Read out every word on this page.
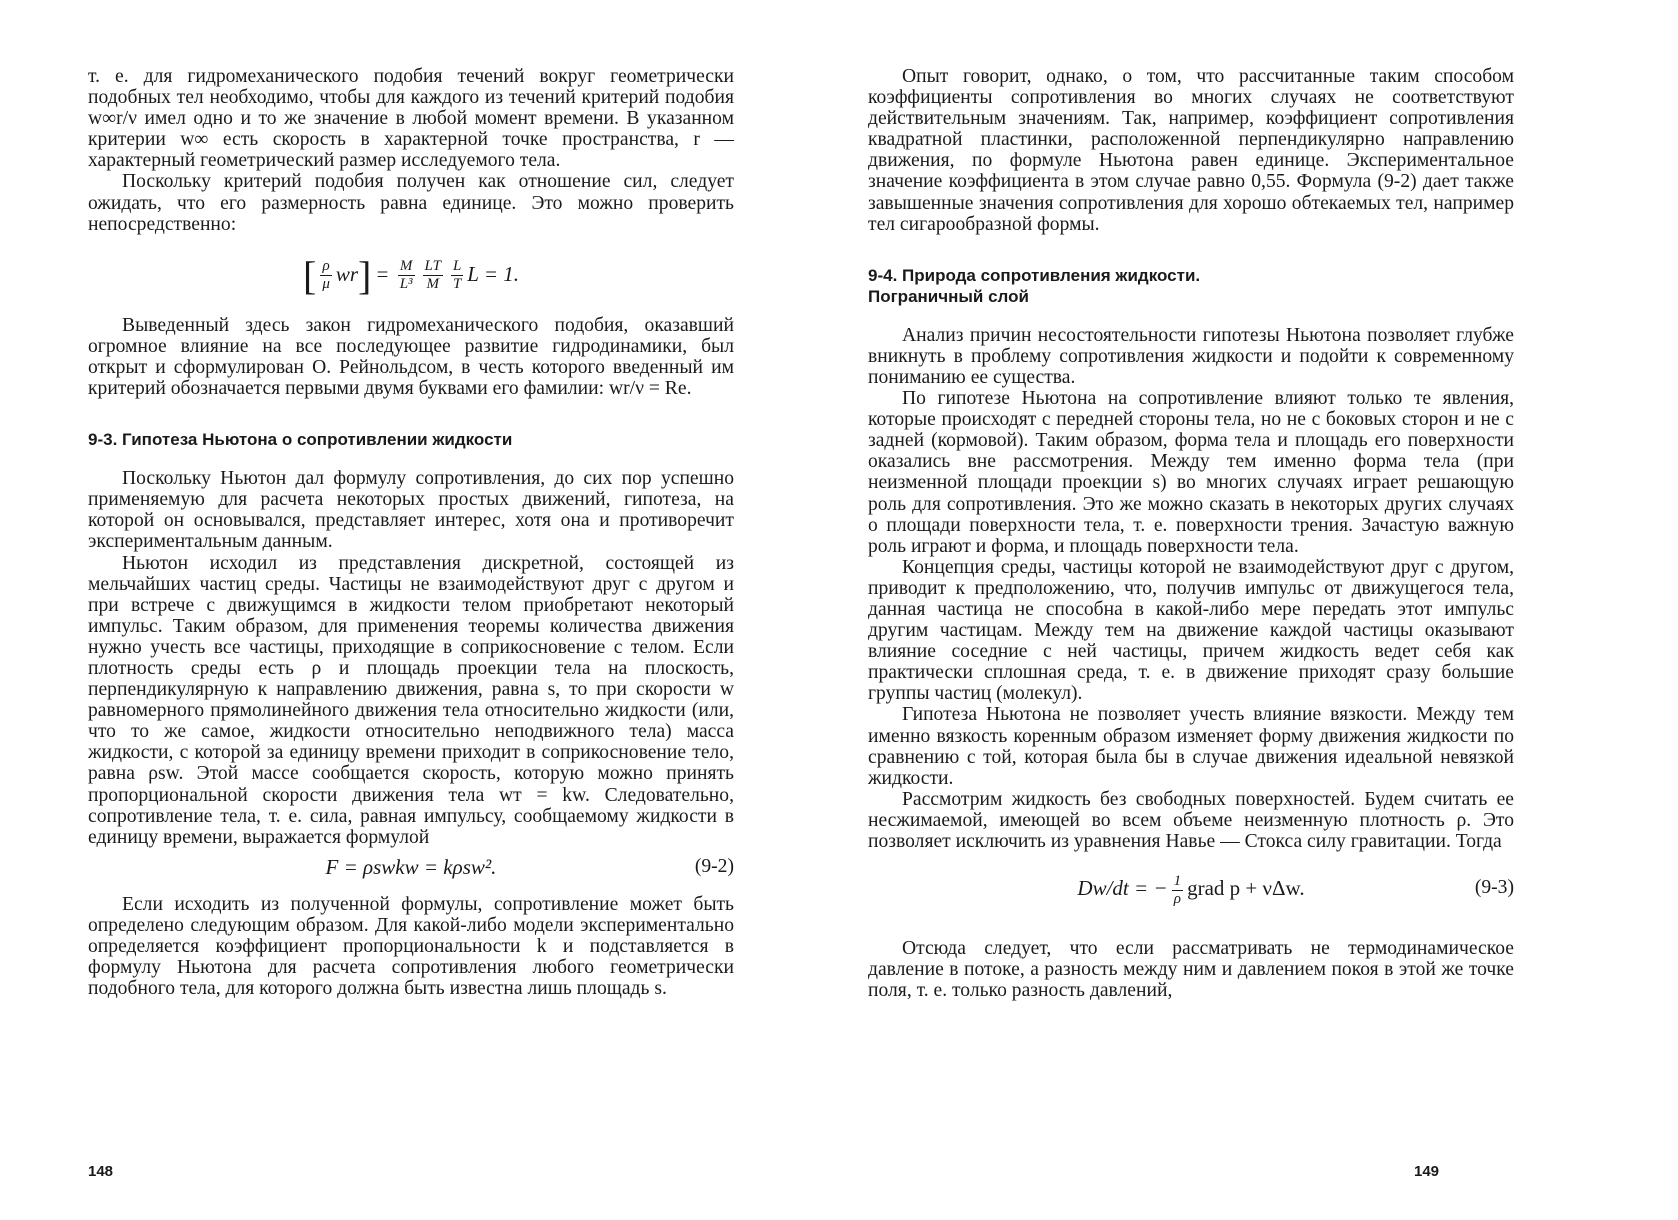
т. е. для гидромеханического подобия течений вокруг геометрически подобных тел необходимо, чтобы для каждого из течений критерий подобия w∞r/ν имел одно и то же значение в любой момент времени. В указанном критерии w∞ есть скорость в характерной точке пространства, r — характерный геометрический размер исследуемого тела.

Поскольку критерий подобия получен как отношение сил, следует ожидать, что его размерность равна единице. Это можно проверить непосредственно:

[ $\frac{\rho}{\mu} wr] = \frac{M}{\text{L³}} \frac{LT}{M} \frac{L}{T}$ L = 1.

Выведенный здесь закон гидромеханического подобия, оказавший огромное влияние на все последующее развитие гидродинамики, был открыт и сформулирован О. Рейнольдсом, в честь которого введенный им критерий обозначается первыми двумя буквами его фамилии: wr/ν = Re.

9-3. Гипотеза Ньютона о сопротивлении жидкости

Поскольку Ньютон дал формулу сопротивления, до сих пор успешно применяемую для расчета некоторых простых движений, гипотеза, на которой он основывался, представляет интерес, хотя она и противоречит экспериментальным данным.

Ньютон исходил из представления дискретной, состоящей из мельчайших частиц среды. Частицы не взаимодействуют друг с другом и при встрече с движущимся в жидкости телом приобретают некоторый импульс. Таким образом, для применения теоремы количества движения нужно учесть все частицы, приходящие в соприкосновение с телом. Если плотность среды есть ρ и площадь проекции тела на плоскость, перпендикулярную к направлению движения, равна s, то при скорости w равномерного прямолинейного движения тела относительно жидкости (или, что то же самое, жидкости относительно неподвижного тела) масса жидкости, с которой за единицу времени приходит в соприкосновение тело, равна ρsw. Этой массе сообщается скорость, которую можно принять пропорциональной скорости движения тела wт = kw. Следовательно, сопротивление тела, т. е. сила, равная импульсу, сообщаемому жидкости в единицу времени, выражается формулой

F = ρswkw = kρsw².	(9-2)

Если исходить из полученной формулы, сопротивление может быть определено следующим образом. Для какой-либо модели экспериментально определяется коэффициент пропорциональности k и подставляется в формулу Ньютона для расчета сопротивления любого геометрически подобного тела, для которого должна быть известна лишь площадь s.

148

Опыт говорит, однако, о том, что рассчитанные таким способом коэффициенты сопротивления во многих случаях не соответствуют действительным значениям. Так, например, коэффициент сопротивления квадратной пластинки, расположенной перпендикулярно направлению движения, по формуле Ньютона равен единице. Экспериментальное значение коэффициента в этом случае равно 0,55. Формула (9-2) дает также завышенные значения сопротивления для хорошо обтекаемых тел, например тел сигарообразной формы.

9-4. Природа сопротивления жидкости.

Пограничный слой

Анализ причин несостоятельности гипотезы Ньютона позволяет глубже вникнуть в проблему сопротивления жидкости и подойти к современному пониманию ее существа.

По гипотезе Ньютона на сопротивление влияют только те явления, которые происходят с передней стороны тела, но не с боковых сторон и не с задней (кормовой). Таким образом, форма тела и площадь его поверхности оказались вне рассмотрения. Между тем именно форма тела (при неизменной площади проекции s) во многих случаях играет решающую роль для сопротивления. Это же можно сказать в некоторых других случаях о площади поверхности тела, т. е. поверхности трения. Зачастую важную роль играют и форма, и площадь поверхности тела.

Концепция среды, частицы которой не взаимодействуют друг с другом, приводит к предположению, что, получив импульс от движущегося тела, данная частица не способна в какой-либо мере передать этот импульс другим частицам. Между тем на движение каждой частицы оказывают влияние соседние с ней частицы, причем жидкость ведет себя как практически сплошная среда, т. е. в движение приходят сразу большие группы частиц (молекул).

Гипотеза Ньютона не позволяет учесть влияние вязкости. Между тем именно вязкость коренным образом изменяет форму движения жидкости по сравнению с той, которая была бы в случае движения идеальной невязкой жидкости.

Рассмотрим жидкость без свободных поверхностей. Будем считать ее несжимаемой, имеющей во всем объеме неизменную плотность ρ. Это позволяет исключить из уравнения Навье — Стокса силу гравитации. Тогда

Dw/dt = − $\frac{1}{\rho}$ grad p + νΔw.	(9-3)

Отсюда следует, что если рассматривать не термодинамическое давление в потоке, а разность между ним и давлением покоя в этой же точке поля, т. е. только разность давлений,

149
